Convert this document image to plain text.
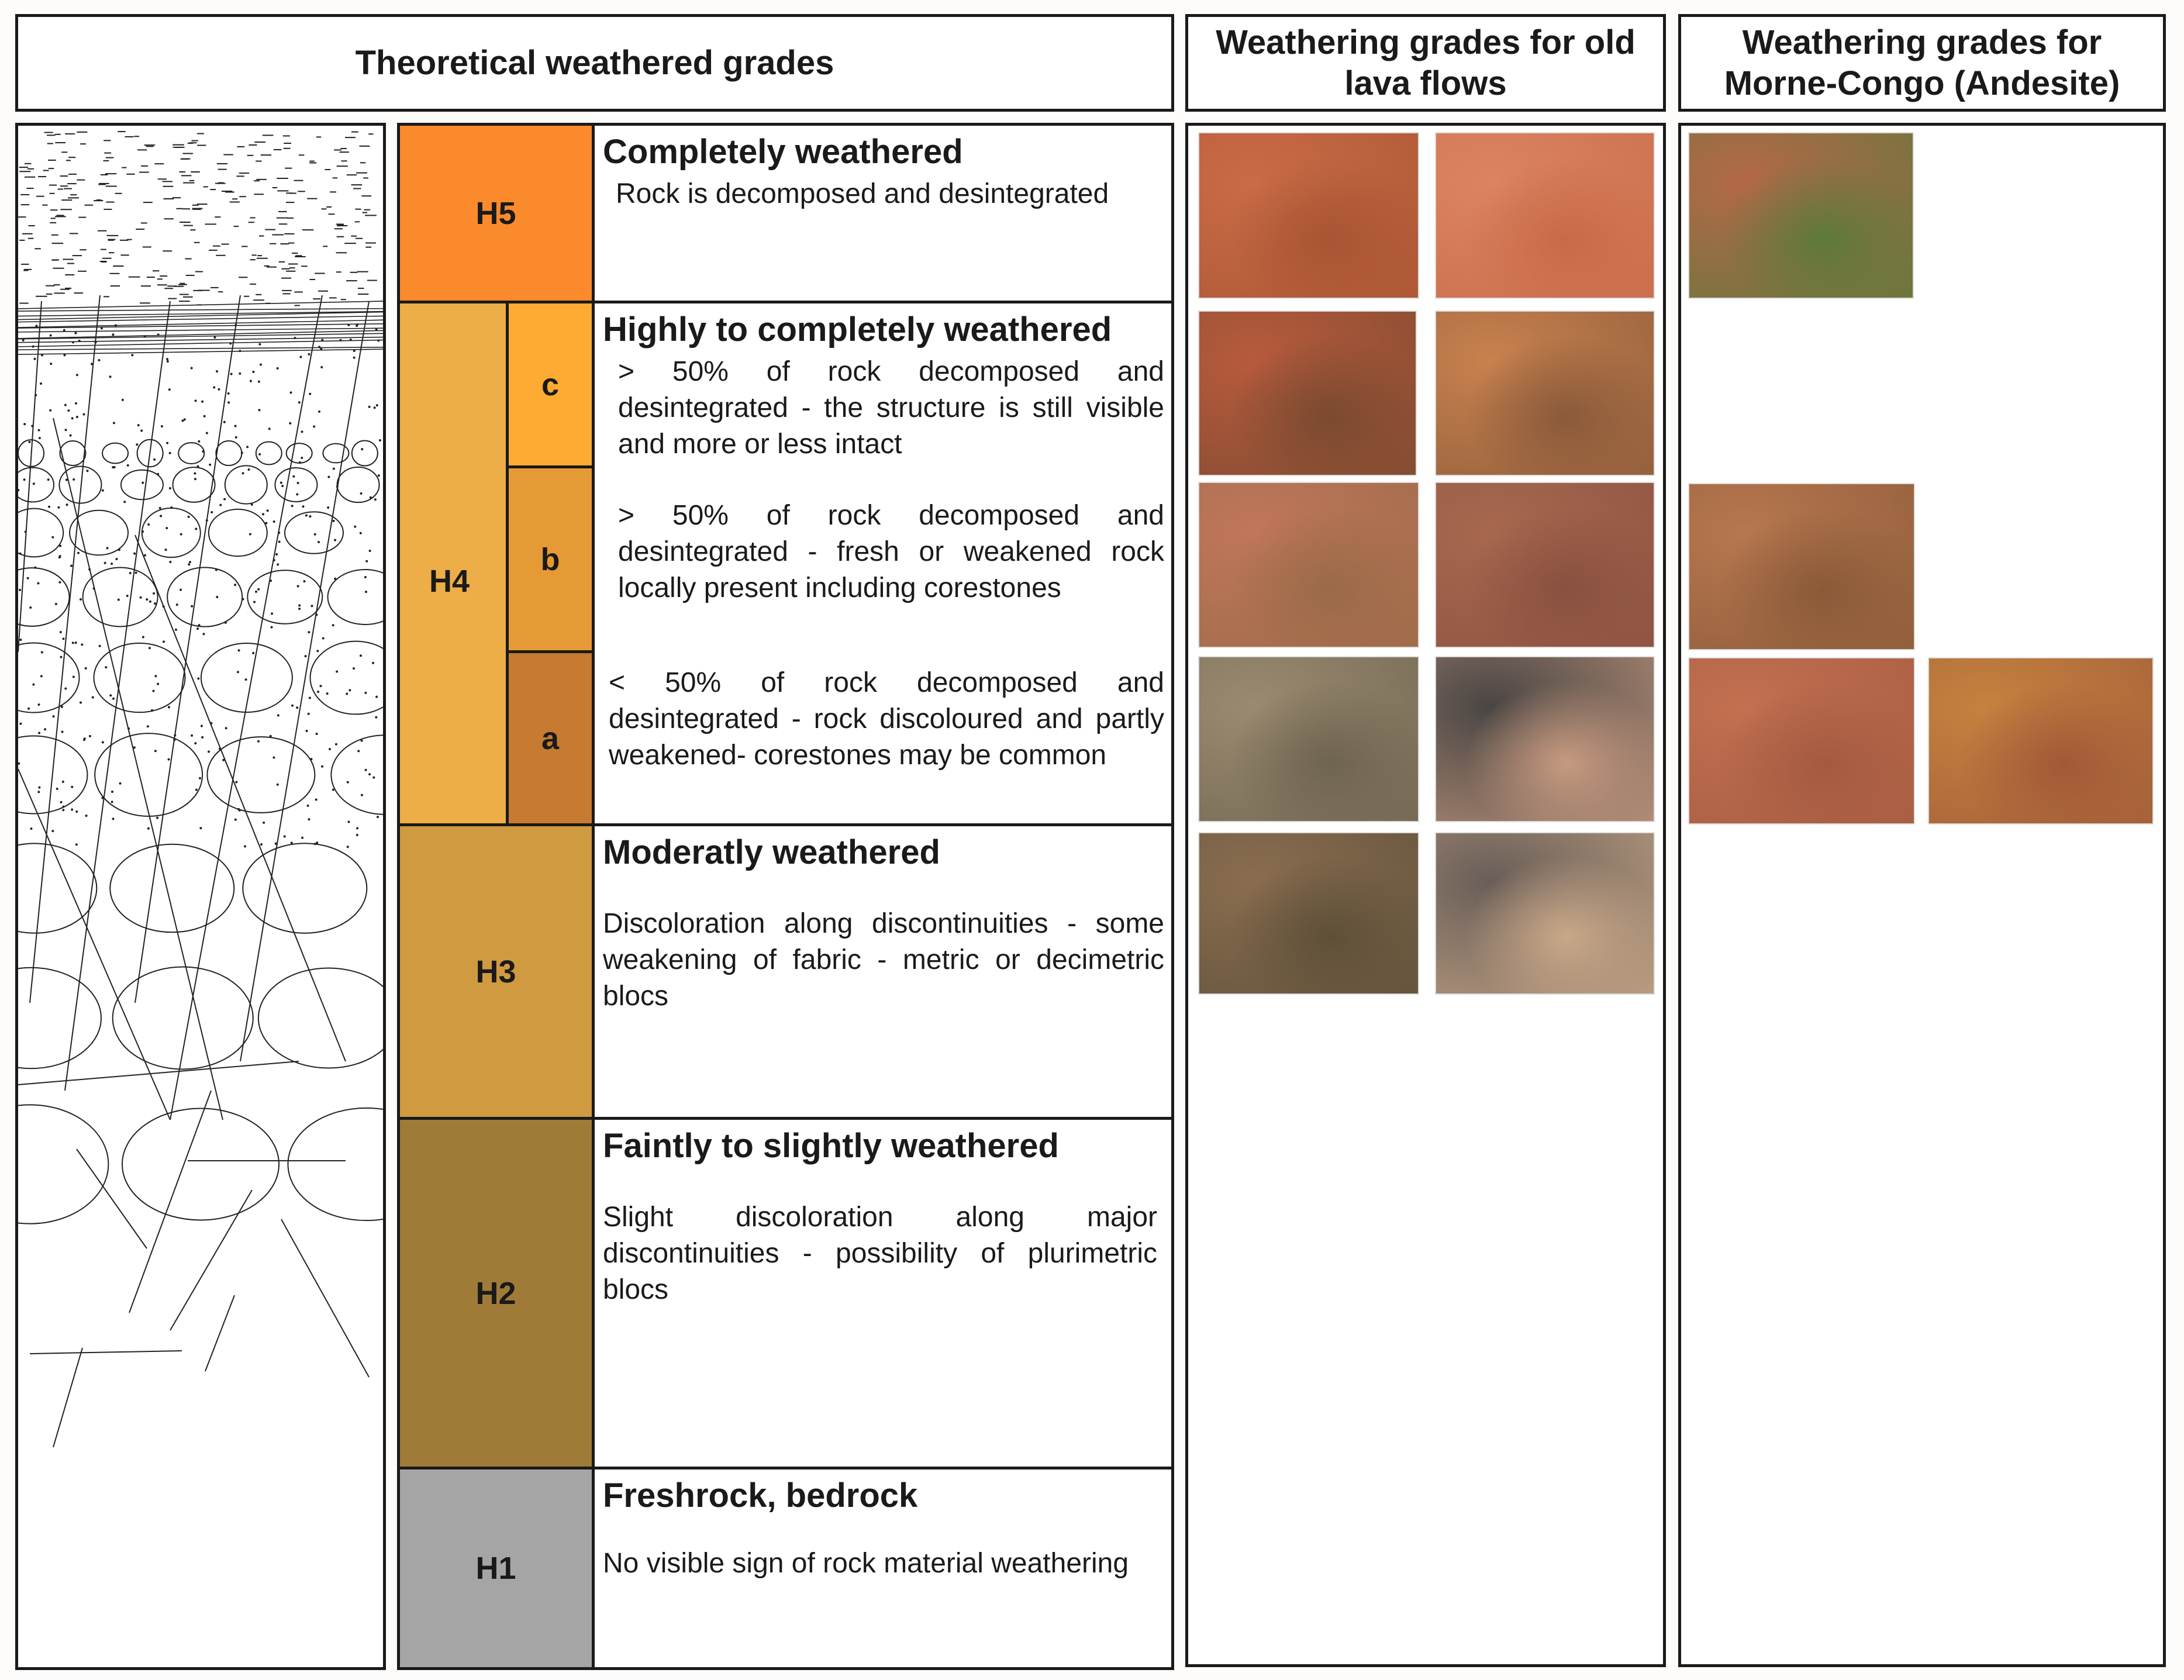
Theoretical weathered grades
Weathering grades for old lava flows
Weathering grades for Morne-Congo (Andesite)
H5
H4
c
b
a
H3
H2
H1
Completely weathered
Rock is decomposed and desintegrated
Highly to completely weathered
> 50% of rock decomposed and desintegrated - the structure is still visible and more or less intact
> 50% of rock decomposed and desintegrated - fresh or weakened rock locally present including corestones
< 50% of rock decomposed and desintegrated - rock discoloured and partly weakened- corestones may be common
Moderatly weathered
Discoloration along discontinuities - some weakening of fabric - metric or decimetric blocs
Faintly to slightly weathered
Slight discoloration along major discontinuities - possibility of plurimetric blocs
Freshrock, bedrock
No visible sign of rock material weathering
